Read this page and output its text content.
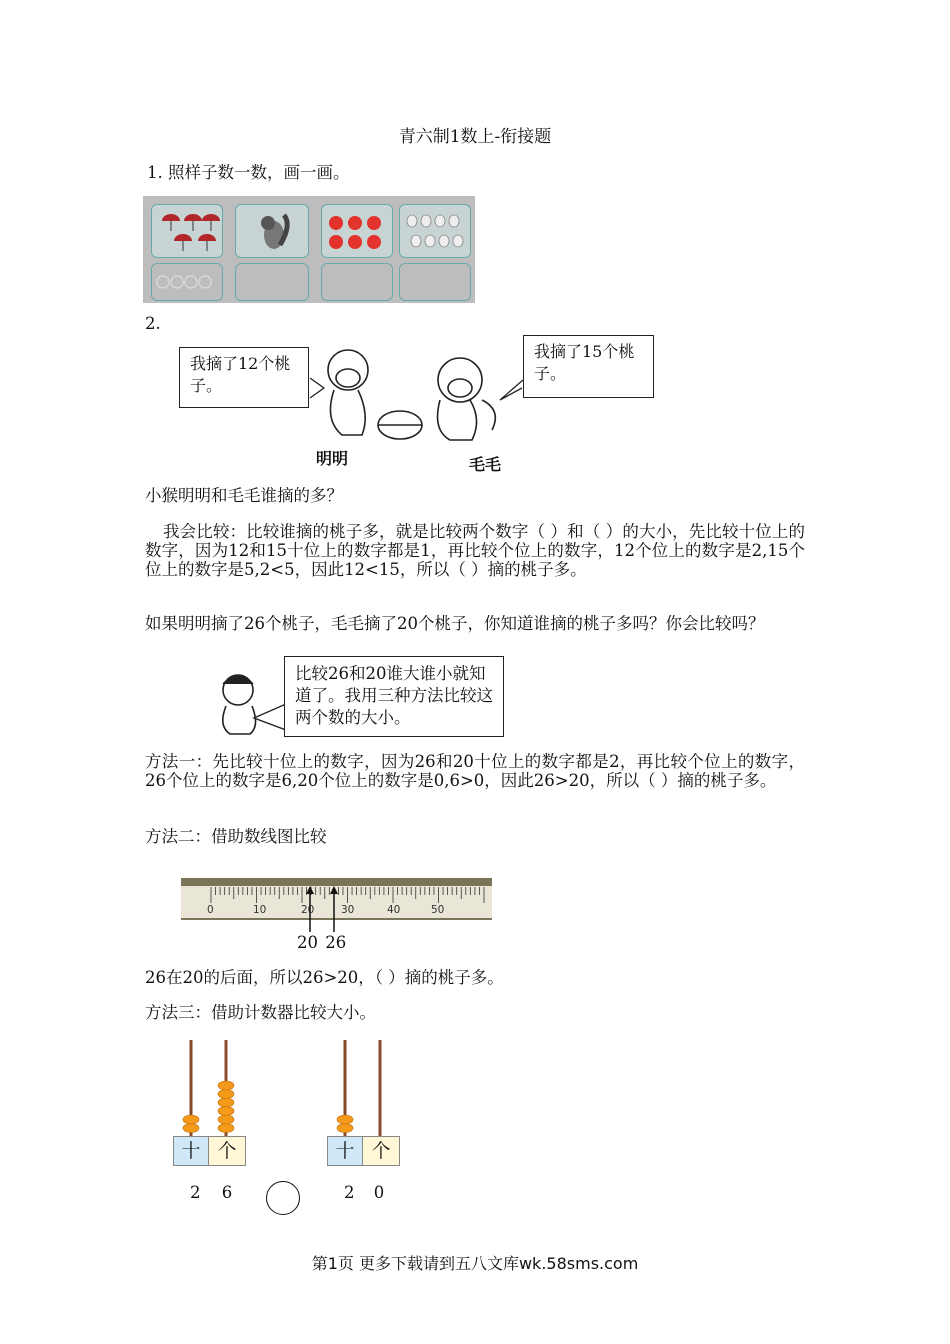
青六制1数上-衔接题
1. 照样子数一数，画一画。
2.
我摘了12个桃子。
我摘了15个桃子。
明明	毛毛
小猴明明和毛毛谁摘的多？
我会比较：比较谁摘的桃子多，就是比较两个数字（ ）和（ ）的大小，先比较十位上的数字，因为12和15十位上的数字都是1，再比较个位上的数字，12个位上的数字是2,15个位上的数字是5,2<5，因此12<15，所以（ ）摘的桃子多。
如果明明摘了26个桃子，毛毛摘了20个桃子，你知道谁摘的桃子多吗？你会比较吗？
比较26和20谁大谁小就知道了。我用三种方法比较这两个数的大小。
方法一：先比较十位上的数字，因为26和20十位上的数字都是2，再比较个位上的数字，26个位上的数字是6,20个位上的数字是0,6>0，因此26>20，所以（ ）摘的桃子多。
方法二：借助数线图比较
0	10	20	30	40	50
20 26
26在20的后面，所以26>20，（ ）摘的桃子多。
方法三：借助计数器比较大小。
十 个
2 6
十 个
2 0
第1页 更多下载请到五八文库wk.58sms.com
